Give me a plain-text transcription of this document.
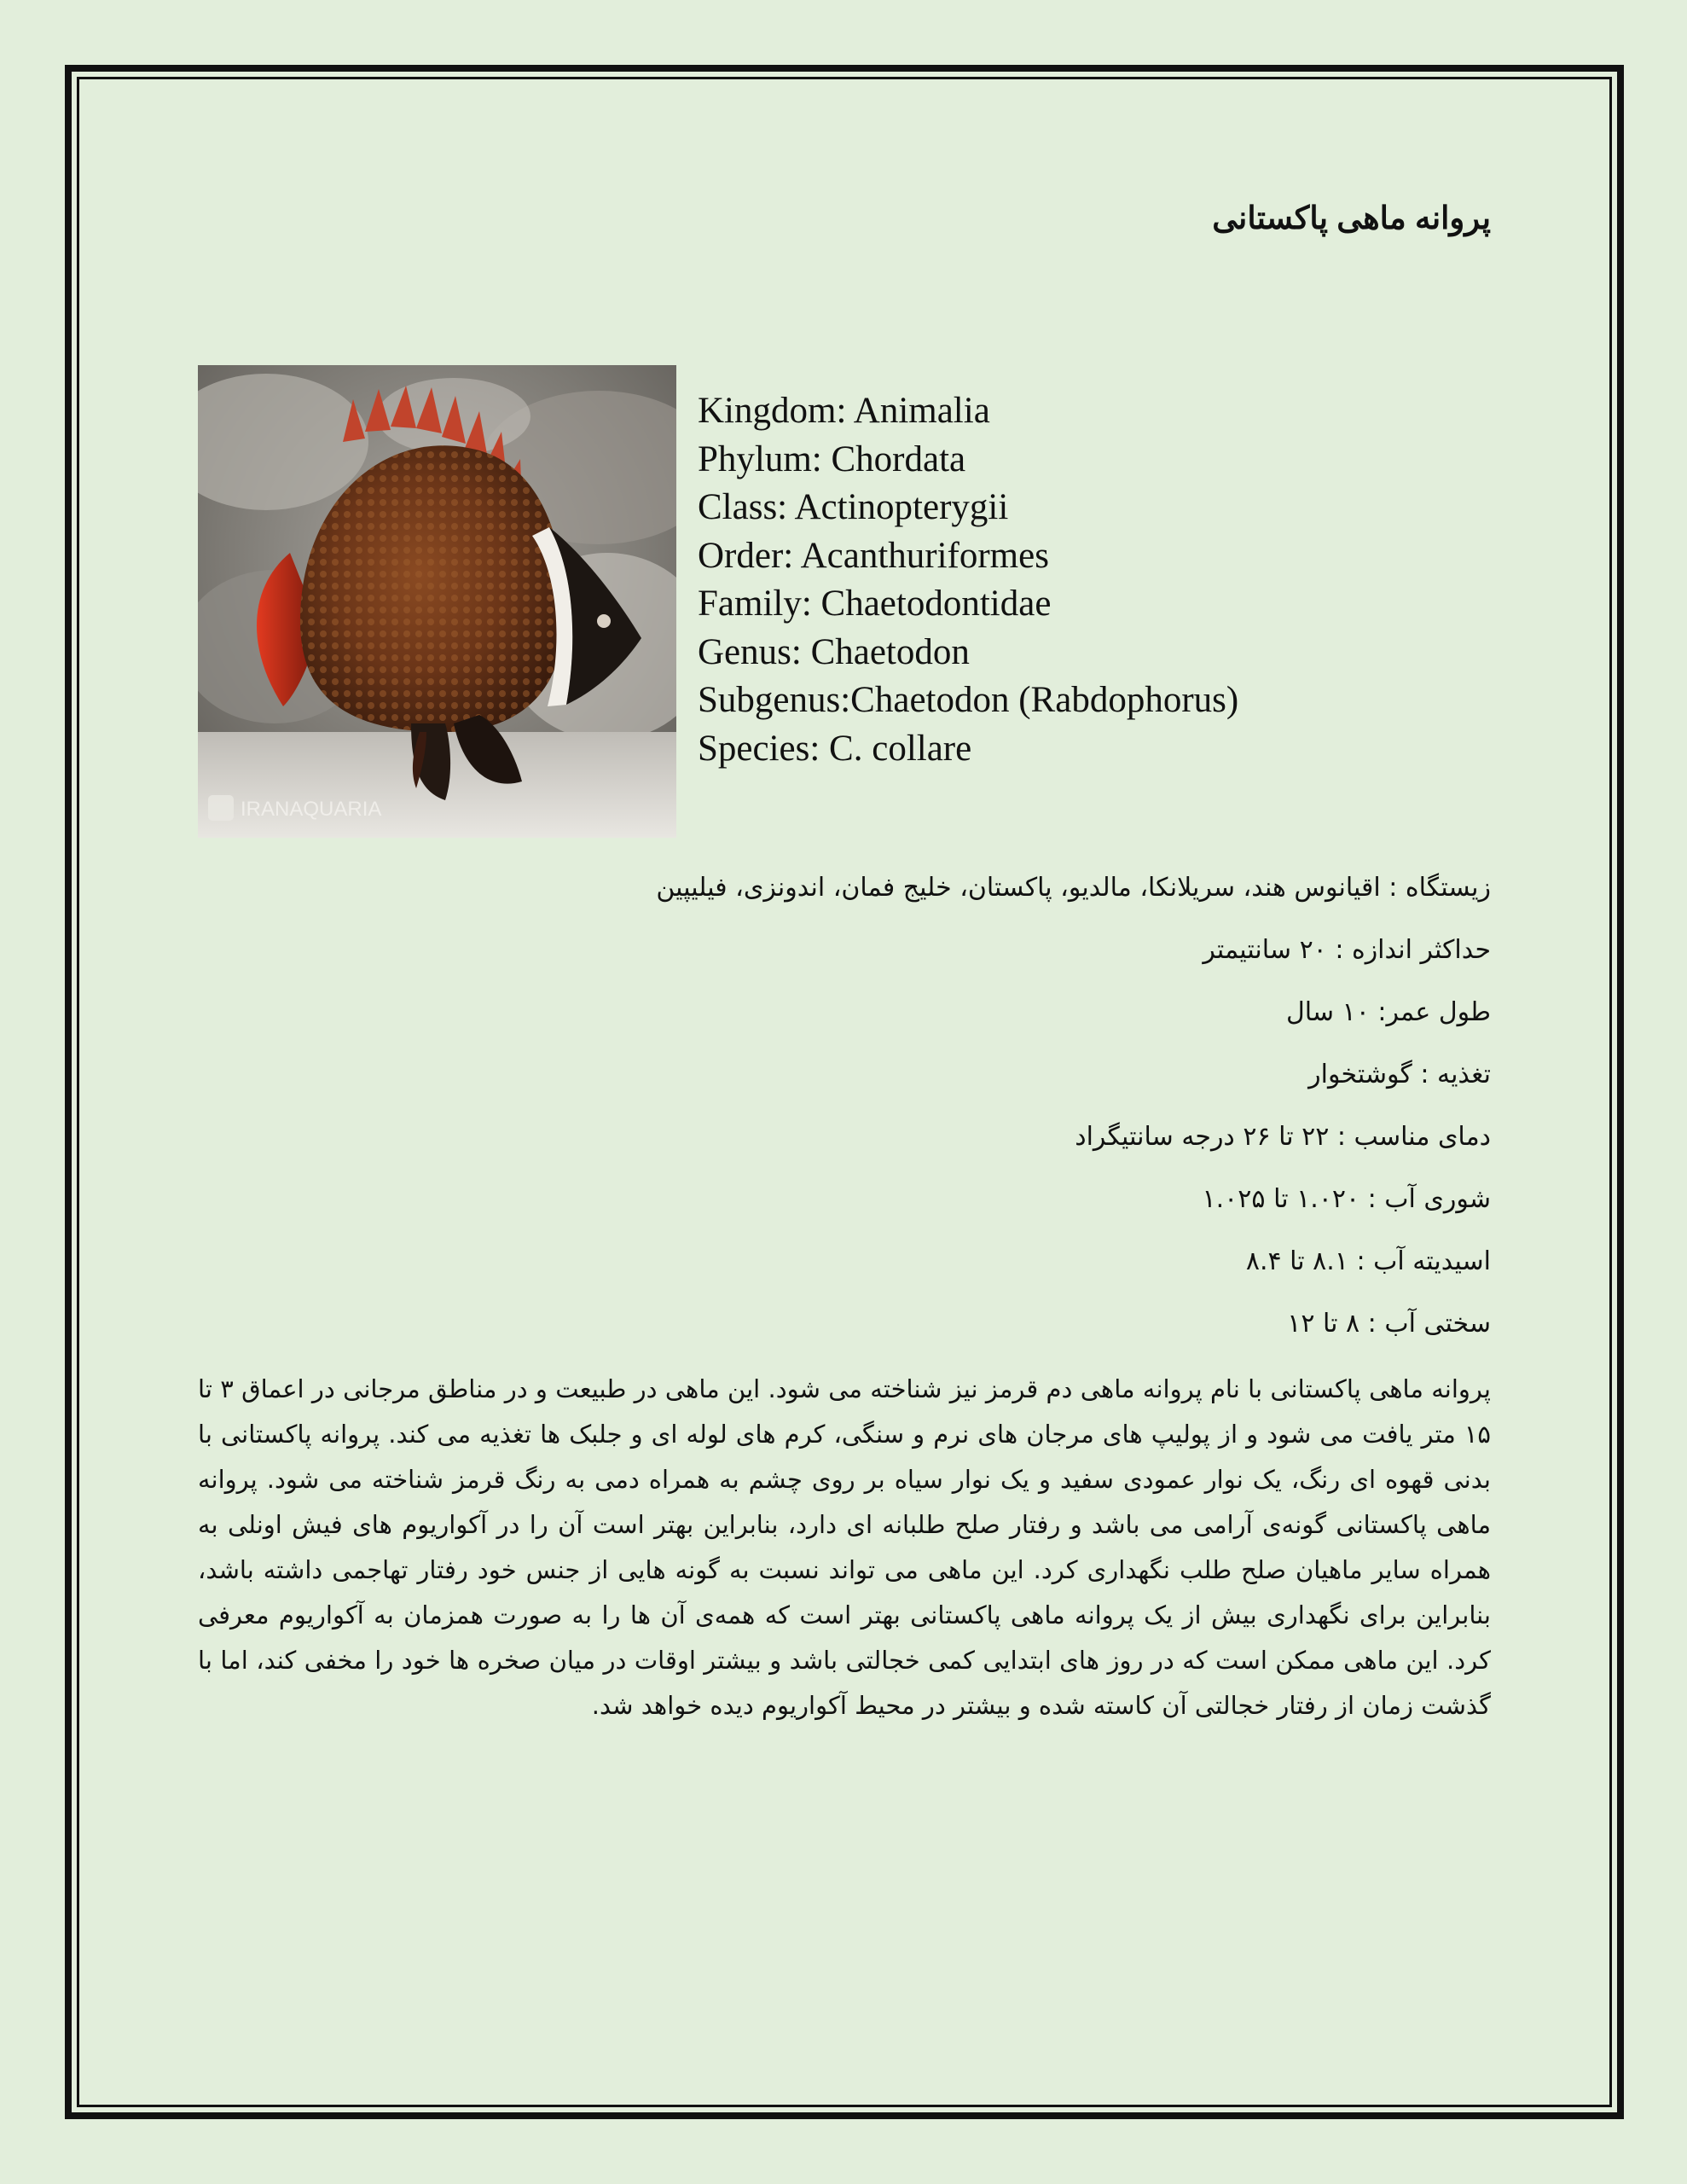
پروانه ماهی پاکستانی
IRANAQUARIA
Kingdom: Animalia
Phylum: Chordata
Class: Actinopterygii
Order: Acanthuriformes
Family: Chaetodontidae
Genus: Chaetodon
Subgenus:Chaetodon (Rabdophorus)
Species: C. collare
زیستگاه : اقیانوس هند، سریلانکا، مالدیو، پاکستان، خلیج فمان، اندونزی، فیلیپین
حداکثر اندازه : ۲۰ سانتیمتر
طول عمر: ۱۰ سال
تغذیه : گوشتخوار
دمای مناسب : ۲۲ تا ۲۶ درجه سانتیگراد
شوری آب : ۱.۰۲۰ تا ۱.۰۲۵
اسیدیته آب : ۸.۱ تا ۸.۴
سختی آب : ۸ تا ۱۲

پروانه ماهی پاکستانی با نام پروانه ماهی دم قرمز نیز شناخته می شود. این ماهی در طبیعت و در مناطق مرجانی در اعماق ۳ تا ۱۵ متر یافت می شود و از پولیپ های مرجان های نرم و سنگی، کرم های لوله ای و جلبک ها تغذیه می کند. پروانه پاکستانی با بدنی قهوه ای رنگ، یک نوار عمودی سفید و یک نوار سیاه بر روی چشم به همراه دمی به رنگ قرمز شناخته می شود. پروانه ماهی پاکستانی گونه‌ی آرامی می باشد و رفتار صلح طلبانه ای دارد، بنابراین بهتر است آن را در آکواریوم های فیش اونلی به همراه سایر ماهیان صلح طلب نگهداری کرد. این ماهی می تواند نسبت به گونه هایی از جنس خود رفتار تهاجمی داشته باشد، بنابراین برای نگهداری بیش از یک پروانه ماهی پاکستانی بهتر است که همه‌ی آن ها را به صورت همزمان به آکواریوم معرفی کرد. این ماهی ممکن است که در روز های ابتدایی کمی خجالتی باشد و بیشتر اوقات در میان صخره ها خود را مخفی کند، اما با گذشت زمان از رفتار خجالتی آن کاسته شده و بیشتر در محیط آکواریوم دیده خواهد شد.
